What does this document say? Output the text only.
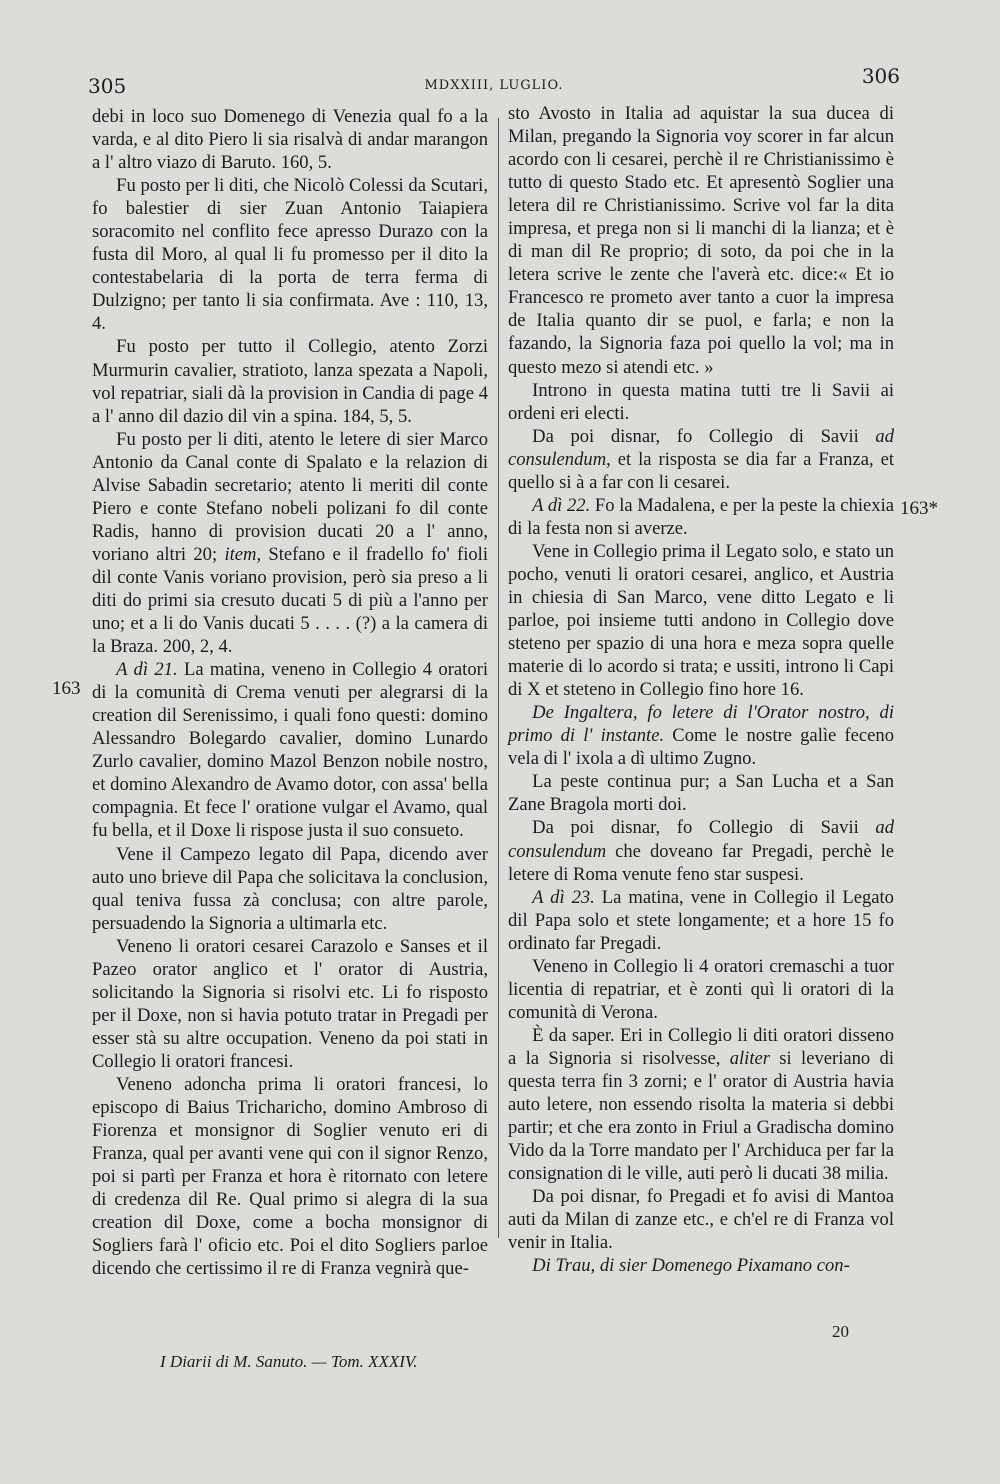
305	MDXXIII, LUGLIO.	306

debi in loco suo Domenego di Venezia qual fo a la varda, e al dito Piero li sia risalvà di andar marangon a l' altro viazo di Baruto. 160, 5.

Fu posto per li diti, che Nicolò Colessi da Scutari, fo balestier di sier Zuan Antonio Taiapiera soracomito nel conflito fece apresso Durazo con la fusta dil Moro, al qual li fu promesso per il dito la contestabelaria di la porta de terra ferma di Dulzigno; per tanto li sia confirmata. Ave : 110, 13, 4.

Fu posto per tutto il Collegio, atento Zorzi Murmurin cavalier, stratioto, lanza spezata a Napoli, vol repatriar, siali dà la provision in Candia di page 4 a l' anno dil dazio dil vin a spina. 184, 5, 5.

Fu posto per li diti, atento le letere di sier Marco Antonio da Canal conte di Spalato e la relazion di Alvise Sabadin secretario; atento li meriti dil conte Piero e conte Stefano nobeli polizani fo dil conte Radis, hanno di provision ducati 20 a l' anno, voriano altri 20; item, Stefano e il fradello fo' fioli dil conte Vanis voriano provision, però sia preso a li diti do primi sia cresuto ducati 5 di più a l'anno per uno; et a li do Vanis ducati 5 . . . . (?) a la camera di la Braza. 200, 2, 4.

A dì 21. La matina, veneno in Collegio 4 oratori di la comunità di Crema venuti per alegrarsi di la creation dil Serenissimo, i quali fono questi: domino Alessandro Bolegardo cavalier, domino Lunardo Zurlo cavalier, domino Mazol Benzon nobile nostro, et domino Alexandro de Avamo dotor, con assa' bella compagnia. Et fece l' oratione vulgar el Avamo, qual fu bella, et il Doxe li rispose justa il suo consueto.

Vene il Campezo legato dil Papa, dicendo aver auto uno brieve dil Papa che solicitava la conclusion, qual teniva fussa zà conclusa; con altre parole, persuadendo la Signoria a ultimarla etc.

Veneno li oratori cesarei Carazolo e Sanses et il Pazeo orator anglico et l' orator di Austria, solicitando la Signoria si risolvi etc. Li fo risposto per il Doxe, non si havia potuto tratar in Pregadi per esser stà su altre occupation. Veneno da poi stati in Collegio li oratori francesi.

Veneno adoncha prima li oratori francesi, lo episcopo di Baius Tricharicho, domino Ambroso di Fiorenza et monsignor di Soglier venuto eri di Franza, qual per avanti vene qui con il signor Renzo, poi si partì per Franza et hora è ritornato con letere di credenza dil Re. Qual primo si alegra di la sua creation dil Doxe, come a bocha monsignor di Sogliers farà l' oficio etc. Poi el dito Sogliers parloe dicendo che certissimo il re di Franza vegnirà que-

sto Avosto in Italia ad aquistar la sua ducea di Milan, pregando la Signoria voy scorer in far alcun acordo con li cesarei, perchè il re Christianissimo è tutto di questo Stado etc. Et apresentò Soglier una letera dil re Christianissimo. Scrive vol far la dita impresa, et prega non si li manchi di la lianza; et è di man dil Re proprio; di soto, da poi che in la letera scrive le zente che l'averà etc. dice:« Et io Francesco re prometo aver tanto a cuor la impresa de Italia quanto dir se puol, e farla; e non la fazando, la Signoria faza poi quello la vol; ma in questo mezo si atendi etc. »

Introno in questa matina tutti tre li Savii ai ordeni eri electi.

Da poi disnar, fo Collegio di Savii ad consulendum, et la risposta se dia far a Franza, et quello si à a far con li cesarei.

A dì 22. Fo la Madalena, e per la peste la chiexia di la festa non si averze.

Vene in Collegio prima il Legato solo, e stato un pocho, venuti li oratori cesarei, anglico, et Austria in chiesia di San Marco, vene ditto Legato e li parloe, poi insieme tutti andono in Collegio dove steteno per spazio di una hora e meza sopra quelle materie di lo acordo si trata; e ussiti, introno li Capi di X et steteno in Collegio fino hore 16.

De Ingaltera, fo letere di l'Orator nostro, di primo di l' instante. Come le nostre galìe feceno vela di l' ixola a dì ultimo Zugno.

La peste continua pur; a San Lucha et a San Zane Bragola morti doi.

Da poi disnar, fo Collegio di Savii ad consulendum che doveano far Pregadi, perchè le letere di Roma venute feno star suspesi.

A dì 23. La matina, vene in Collegio il Legato dil Papa solo et stete longamente; et a hore 15 fo ordinato far Pregadi.

Veneno in Collegio li 4 oratori cremaschi a tuor licentia di repatriar, et è zonti quì li oratori di la comunità di Verona.

È da saper. Eri in Collegio li diti oratori disseno a la Signoria si risolvesse, aliter si leveriano di questa terra fin 3 zorni; e l' orator di Austria havia auto letere, non essendo risolta la materia si debbi partir; et che era zonto in Friul a Gradischa domino Vido da la Torre mandato per l' Archiduca per far la consignation di le ville, auti però li ducati 38 milia.

Da poi disnar, fo Pregadi et fo avisi di Mantoa auti da Milan di zanze etc., e ch'el re di Franza vol venir in Italia.

Di Trau, di sier Domenego Pixamano con-

163
163*
I Diarii di M. Sanuto. — Tom. XXXIV.
20
